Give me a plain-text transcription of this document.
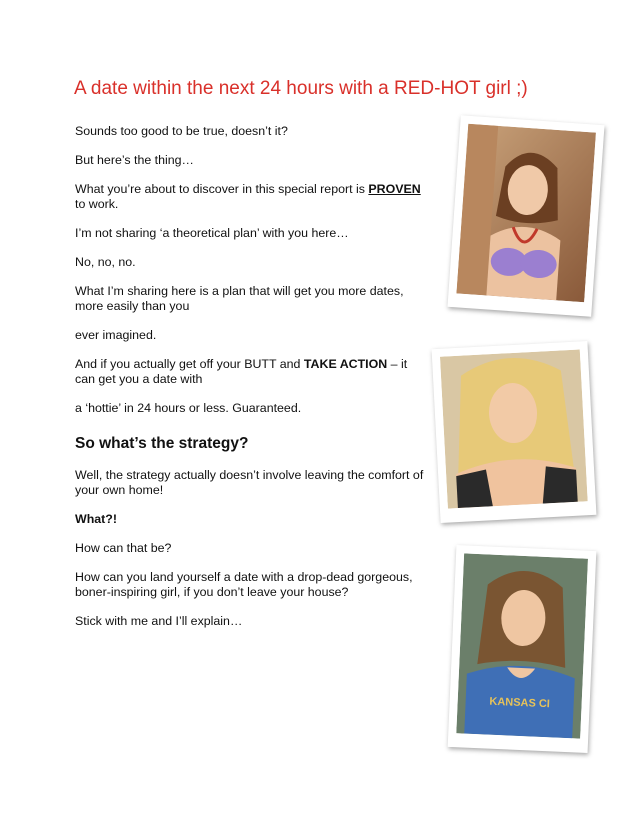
A date within the next 24 hours with a RED-HOT girl ;)

Sounds too good to be true, doesn’t it?

But here’s the thing…

What you’re about to discover in this special report is PROVEN to work.

I’m not sharing ‘a theoretical plan’ with you here…

No, no, no.

What I’m sharing here is a plan that will get you more dates, more easily than you

ever imagined.

And if you actually get off your BUTT and TAKE ACTION – it can get you a date with

a ‘hottie’ in 24 hours or less. Guaranteed.

So what’s the strategy?

Well, the strategy actually doesn’t involve leaving the comfort of your own home!

What?!

How can that be?

How can you land yourself a date with a drop-dead gorgeous, boner-inspiring girl, if you don’t leave your house?

Stick with me and I’ll explain…

KANSAS CI
